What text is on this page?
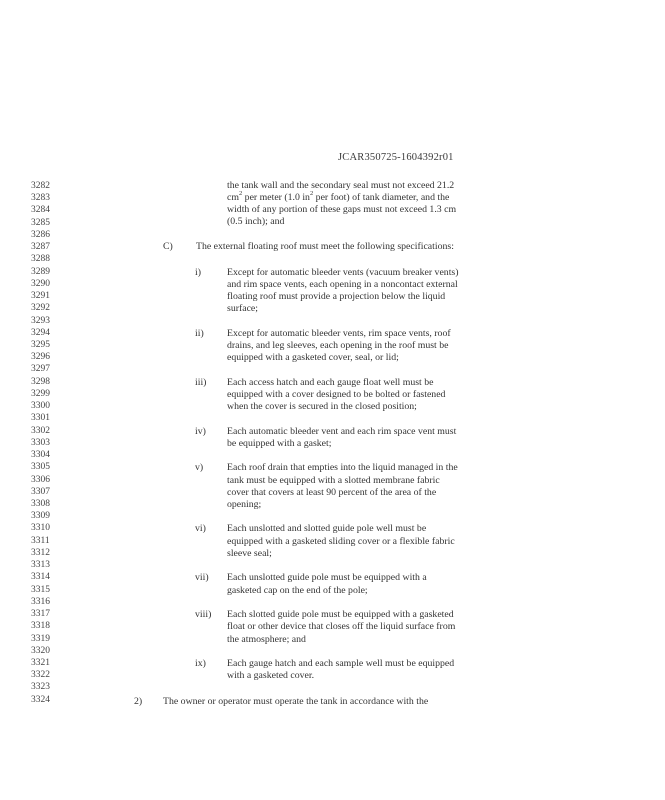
JCAR350725-1604392r01
3282
3283
3284
3285
3286
3287
3288
3289
3290
3291
3292
3293
3294
3295
3296
3297
3298
3299
3300
3301
3302
3303
3304
3305
3306
3307
3308
3309
3310
3311
3312
3313
3314
3315
3316
3317
3318
3319
3320
3321
3322
3323
3324
the tank wall and the secondary seal must not exceed 21.2
$cm^2$ per meter (1.0 $in^2$ per foot) of tank diameter, and the
width of any portion of these gaps must not exceed 1.3 cm
(0.5 inch); and
C) The external floating roof must meet the following specifications:
i)	Except for automatic bleeder vents (vacuum breaker vents)
and rim space vents, each opening in a noncontact external
floating roof must provide a projection below the liquid
surface;
ii) Except for automatic bleeder vents, rim space vents, roof
drains, and leg sleeves, each opening in the roof must be
equipped with a gasketed cover, seal, or lid;
iii) Each access hatch and each gauge float well must be
equipped with a cover designed to be bolted or fastened
when the cover is secured in the closed position;
iv) Each automatic bleeder vent and each rim space vent must
be equipped with a gasket;
v) Each roof drain that empties into the liquid managed in the
tank must be equipped with a slotted membrane fabric
cover that covers at least 90 percent of the area of the
opening;
vi) Each unslotted and slotted guide pole well must be
equipped with a gasketed sliding cover or a flexible fabric
sleeve seal;
vii) Each unslotted guide pole must be equipped with a
gasketed cap on the end of the pole;
viii) Each slotted guide pole must be equipped with a gasketed
float or other device that closes off the liquid surface from
the atmosphere; and
ix) Each gauge hatch and each sample well must be equipped
with a gasketed cover.
2) The owner or operator must operate the tank in accordance with the
